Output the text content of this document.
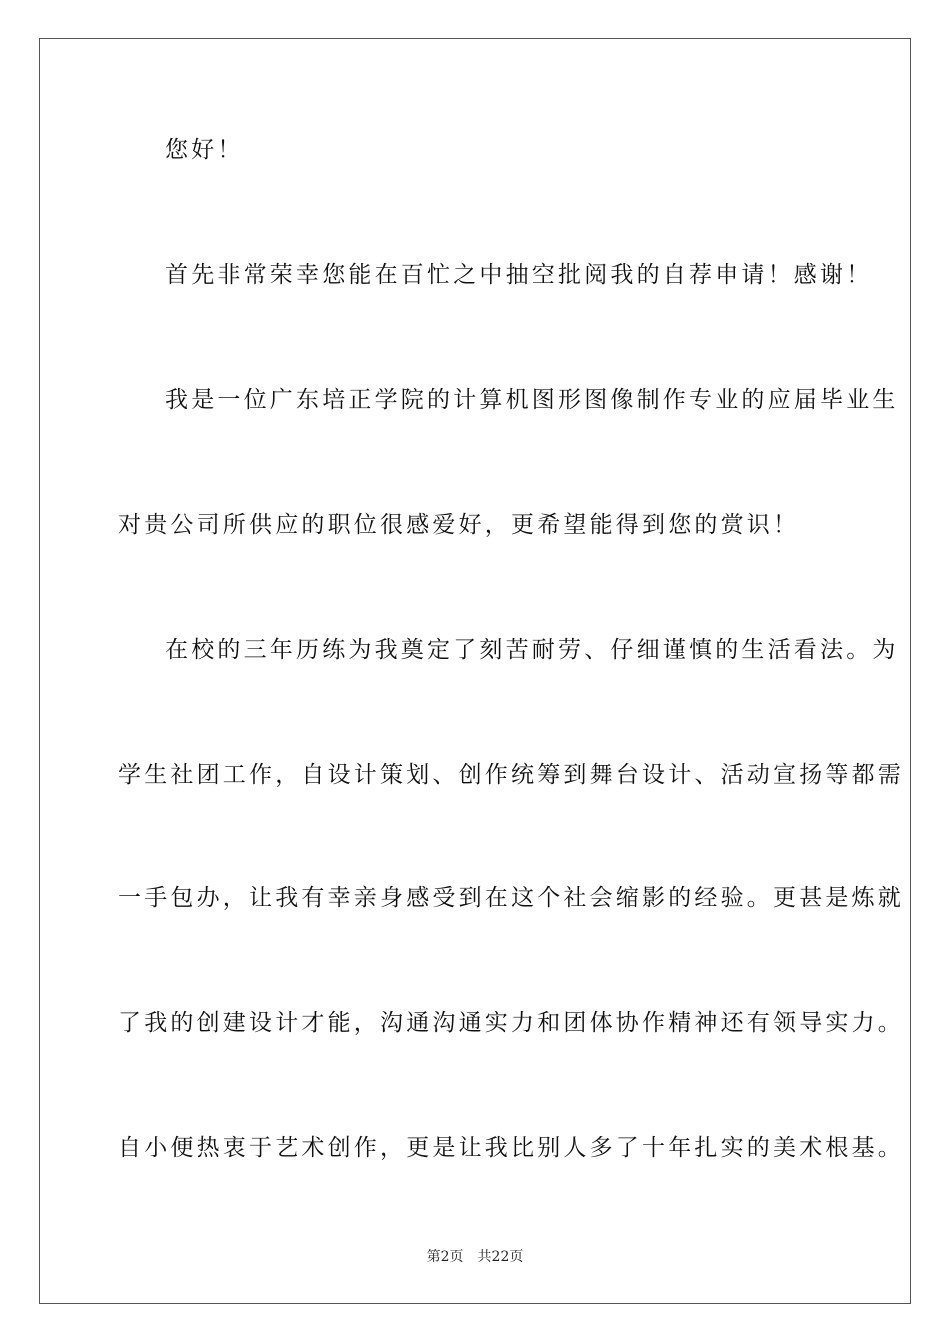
您好！
首先非常荣幸您能在百忙之中抽空批阅我的自荐申请！感谢！
我是一位广东培正学院的计算机图形图像制作专业的应届毕业生
对贵公司所供应的职位很感爱好，更希望能得到您的赏识！
在校的三年历练为我奠定了刻苦耐劳、仔细谨慎的生活看法。为
学生社团工作，自设计策划、创作统筹到舞台设计、活动宣扬等都需
一手包办，让我有幸亲身感受到在这个社会缩影的经验。更甚是炼就
了我的创建设计才能，沟通沟通实力和团体协作精神还有领导实力。
自小便热衷于艺术创作，更是让我比别人多了十年扎实的美术根基。
第2页 共22页
